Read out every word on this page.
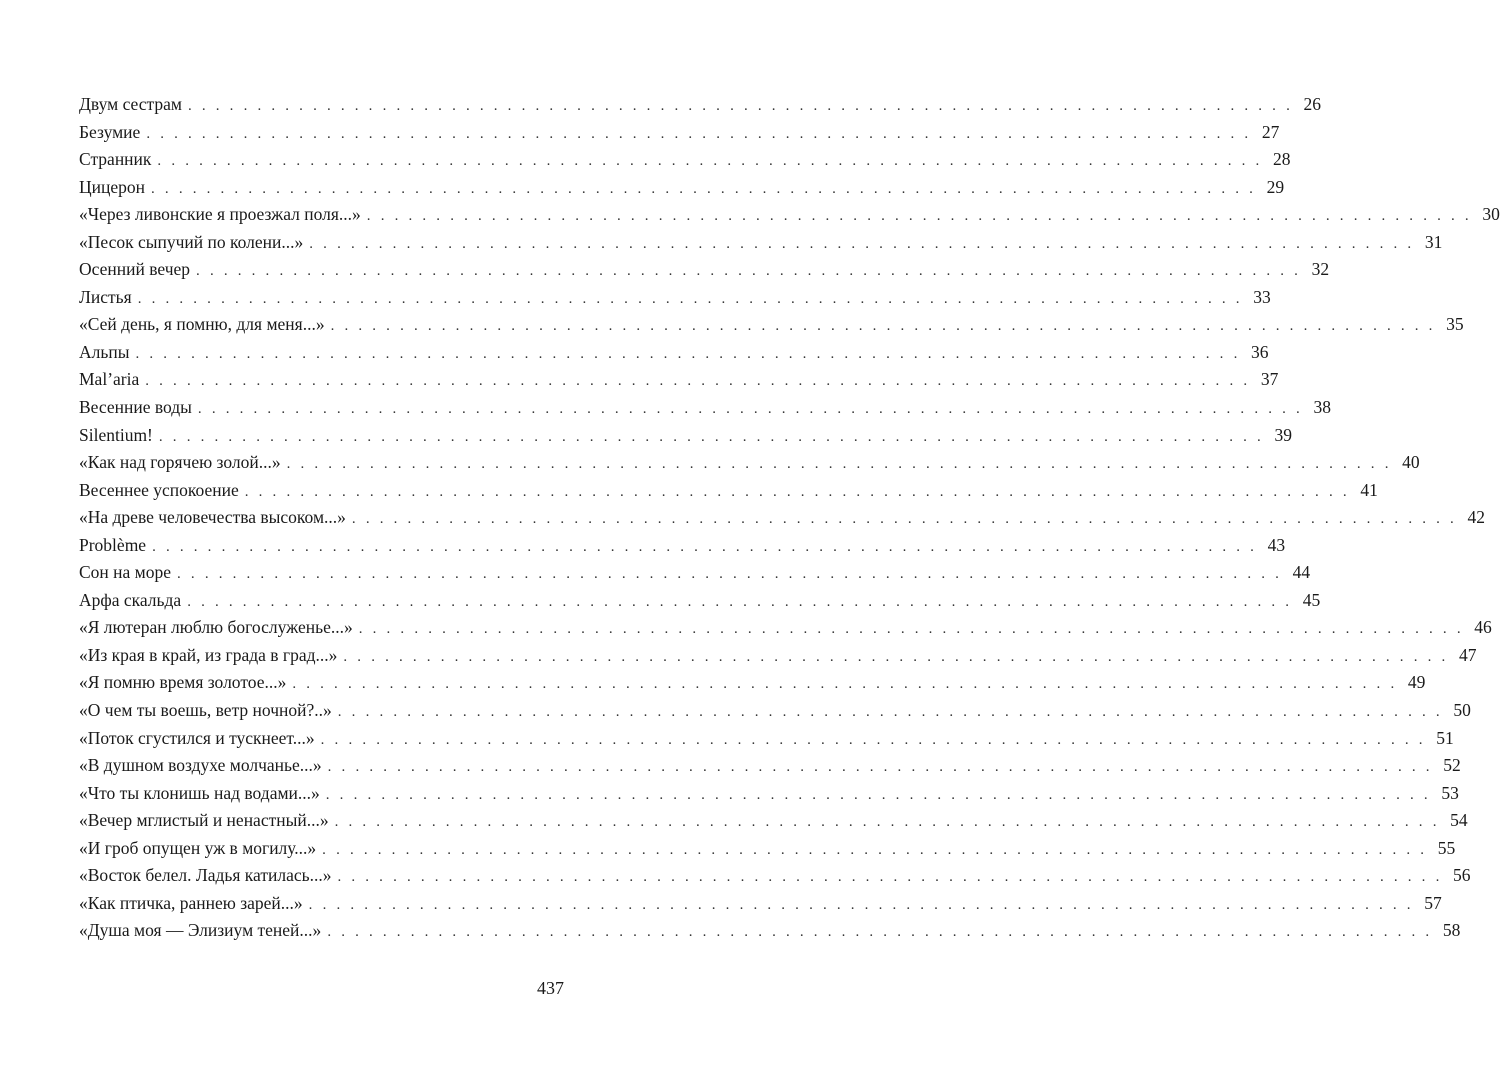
Двум сестрам . . . . . . . . . . . . . . . . . . . . . . . . . . . . . . . . . . . . . . . . . . . . . . . . . . . . . . . . . . . . . . . . . . . . . . . . . . . . . . . . 26
Безумие . . . . . . . . . . . . . . . . . . . . . . . . . . . . . . . . . . . . . . . . . . . . . . . . . . . . . . . . . . . . . . . . . . . . . . . . . . . . . . . . 27
Странник . . . . . . . . . . . . . . . . . . . . . . . . . . . . . . . . . . . . . . . . . . . . . . . . . . . . . . . . . . . . . . . . . . . . . . . . . . . . . . . . 28
Цицерон . . . . . . . . . . . . . . . . . . . . . . . . . . . . . . . . . . . . . . . . . . . . . . . . . . . . . . . . . . . . . . . . . . . . . . . . . . . . . . . . 29
«Через ливонские я проезжал поля...» . . . . . . . . . . . . . . . . . . . . . . . . . . . . . . . . . . . . . . . . . . . . . . . . . . . . . . . . . . . . . . . . . . . . . . . . . . . . . . . . 30
«Песок сыпучий по колени...» . . . . . . . . . . . . . . . . . . . . . . . . . . . . . . . . . . . . . . . . . . . . . . . . . . . . . . . . . . . . . . . . . . . . . . . . . . . . . . . . 31
Осенний вечер . . . . . . . . . . . . . . . . . . . . . . . . . . . . . . . . . . . . . . . . . . . . . . . . . . . . . . . . . . . . . . . . . . . . . . . . . . . . . . . . 32
Листья . . . . . . . . . . . . . . . . . . . . . . . . . . . . . . . . . . . . . . . . . . . . . . . . . . . . . . . . . . . . . . . . . . . . . . . . . . . . . . . . 33
«Сей день, я помню, для меня...» . . . . . . . . . . . . . . . . . . . . . . . . . . . . . . . . . . . . . . . . . . . . . . . . . . . . . . . . . . . . . . . . . . . . . . . . . . . . . . . . 35
Альпы . . . . . . . . . . . . . . . . . . . . . . . . . . . . . . . . . . . . . . . . . . . . . . . . . . . . . . . . . . . . . . . . . . . . . . . . . . . . . . . . 36
Mal’aria . . . . . . . . . . . . . . . . . . . . . . . . . . . . . . . . . . . . . . . . . . . . . . . . . . . . . . . . . . . . . . . . . . . . . . . . . . . . . . . . 37
Весенние воды . . . . . . . . . . . . . . . . . . . . . . . . . . . . . . . . . . . . . . . . . . . . . . . . . . . . . . . . . . . . . . . . . . . . . . . . . . . . . . . . 38
Silentium! . . . . . . . . . . . . . . . . . . . . . . . . . . . . . . . . . . . . . . . . . . . . . . . . . . . . . . . . . . . . . . . . . . . . . . . . . . . . . . . . 39
«Как над горячею золой...» . . . . . . . . . . . . . . . . . . . . . . . . . . . . . . . . . . . . . . . . . . . . . . . . . . . . . . . . . . . . . . . . . . . . . . . . . . . . . . . . 40
Весеннее успокоение . . . . . . . . . . . . . . . . . . . . . . . . . . . . . . . . . . . . . . . . . . . . . . . . . . . . . . . . . . . . . . . . . . . . . . . . . . . . . . . . 41
«На древе человечества высоком...» . . . . . . . . . . . . . . . . . . . . . . . . . . . . . . . . . . . . . . . . . . . . . . . . . . . . . . . . . . . . . . . . . . . . . . . . . . . . . . . . 42
Problème . . . . . . . . . . . . . . . . . . . . . . . . . . . . . . . . . . . . . . . . . . . . . . . . . . . . . . . . . . . . . . . . . . . . . . . . . . . . . . . . 43
Сон на море . . . . . . . . . . . . . . . . . . . . . . . . . . . . . . . . . . . . . . . . . . . . . . . . . . . . . . . . . . . . . . . . . . . . . . . . . . . . . . . . 44
Арфа скальда . . . . . . . . . . . . . . . . . . . . . . . . . . . . . . . . . . . . . . . . . . . . . . . . . . . . . . . . . . . . . . . . . . . . . . . . . . . . . . . . 45
«Я лютеран люблю богослуженье...» . . . . . . . . . . . . . . . . . . . . . . . . . . . . . . . . . . . . . . . . . . . . . . . . . . . . . . . . . . . . . . . . . . . . . . . . . . . . . . . . 46
«Из края в край, из града в град...» . . . . . . . . . . . . . . . . . . . . . . . . . . . . . . . . . . . . . . . . . . . . . . . . . . . . . . . . . . . . . . . . . . . . . . . . . . . . . . . . 47
«Я помню время золотое...» . . . . . . . . . . . . . . . . . . . . . . . . . . . . . . . . . . . . . . . . . . . . . . . . . . . . . . . . . . . . . . . . . . . . . . . . . . . . . . . . 49
«О чем ты воешь, ветр ночной?..» . . . . . . . . . . . . . . . . . . . . . . . . . . . . . . . . . . . . . . . . . . . . . . . . . . . . . . . . . . . . . . . . . . . . . . . . . . . . . . . . 50
«Поток сгустился и тускнеет...» . . . . . . . . . . . . . . . . . . . . . . . . . . . . . . . . . . . . . . . . . . . . . . . . . . . . . . . . . . . . . . . . . . . . . . . . . . . . . . . . 51
«В душном воздухе молчанье...» . . . . . . . . . . . . . . . . . . . . . . . . . . . . . . . . . . . . . . . . . . . . . . . . . . . . . . . . . . . . . . . . . . . . . . . . . . . . . . . . 52
«Что ты клонишь над водами...» . . . . . . . . . . . . . . . . . . . . . . . . . . . . . . . . . . . . . . . . . . . . . . . . . . . . . . . . . . . . . . . . . . . . . . . . . . . . . . . . 53
«Вечер мглистый и ненастный...» . . . . . . . . . . . . . . . . . . . . . . . . . . . . . . . . . . . . . . . . . . . . . . . . . . . . . . . . . . . . . . . . . . . . . . . . . . . . . . . . 54
«И гроб опущен уж в могилу...» . . . . . . . . . . . . . . . . . . . . . . . . . . . . . . . . . . . . . . . . . . . . . . . . . . . . . . . . . . . . . . . . . . . . . . . . . . . . . . . . 55
«Восток белел. Ладья катилась...» . . . . . . . . . . . . . . . . . . . . . . . . . . . . . . . . . . . . . . . . . . . . . . . . . . . . . . . . . . . . . . . . . . . . . . . . . . . . . . . . 56
«Как птичка, раннею зарей...» . . . . . . . . . . . . . . . . . . . . . . . . . . . . . . . . . . . . . . . . . . . . . . . . . . . . . . . . . . . . . . . . . . . . . . . . . . . . . . . . 57
«Душа моя — Элизиум теней...» . . . . . . . . . . . . . . . . . . . . . . . . . . . . . . . . . . . . . . . . . . . . . . . . . . . . . . . . . . . . . . . . . . . . . . . . . . . . . . . . 58
437
